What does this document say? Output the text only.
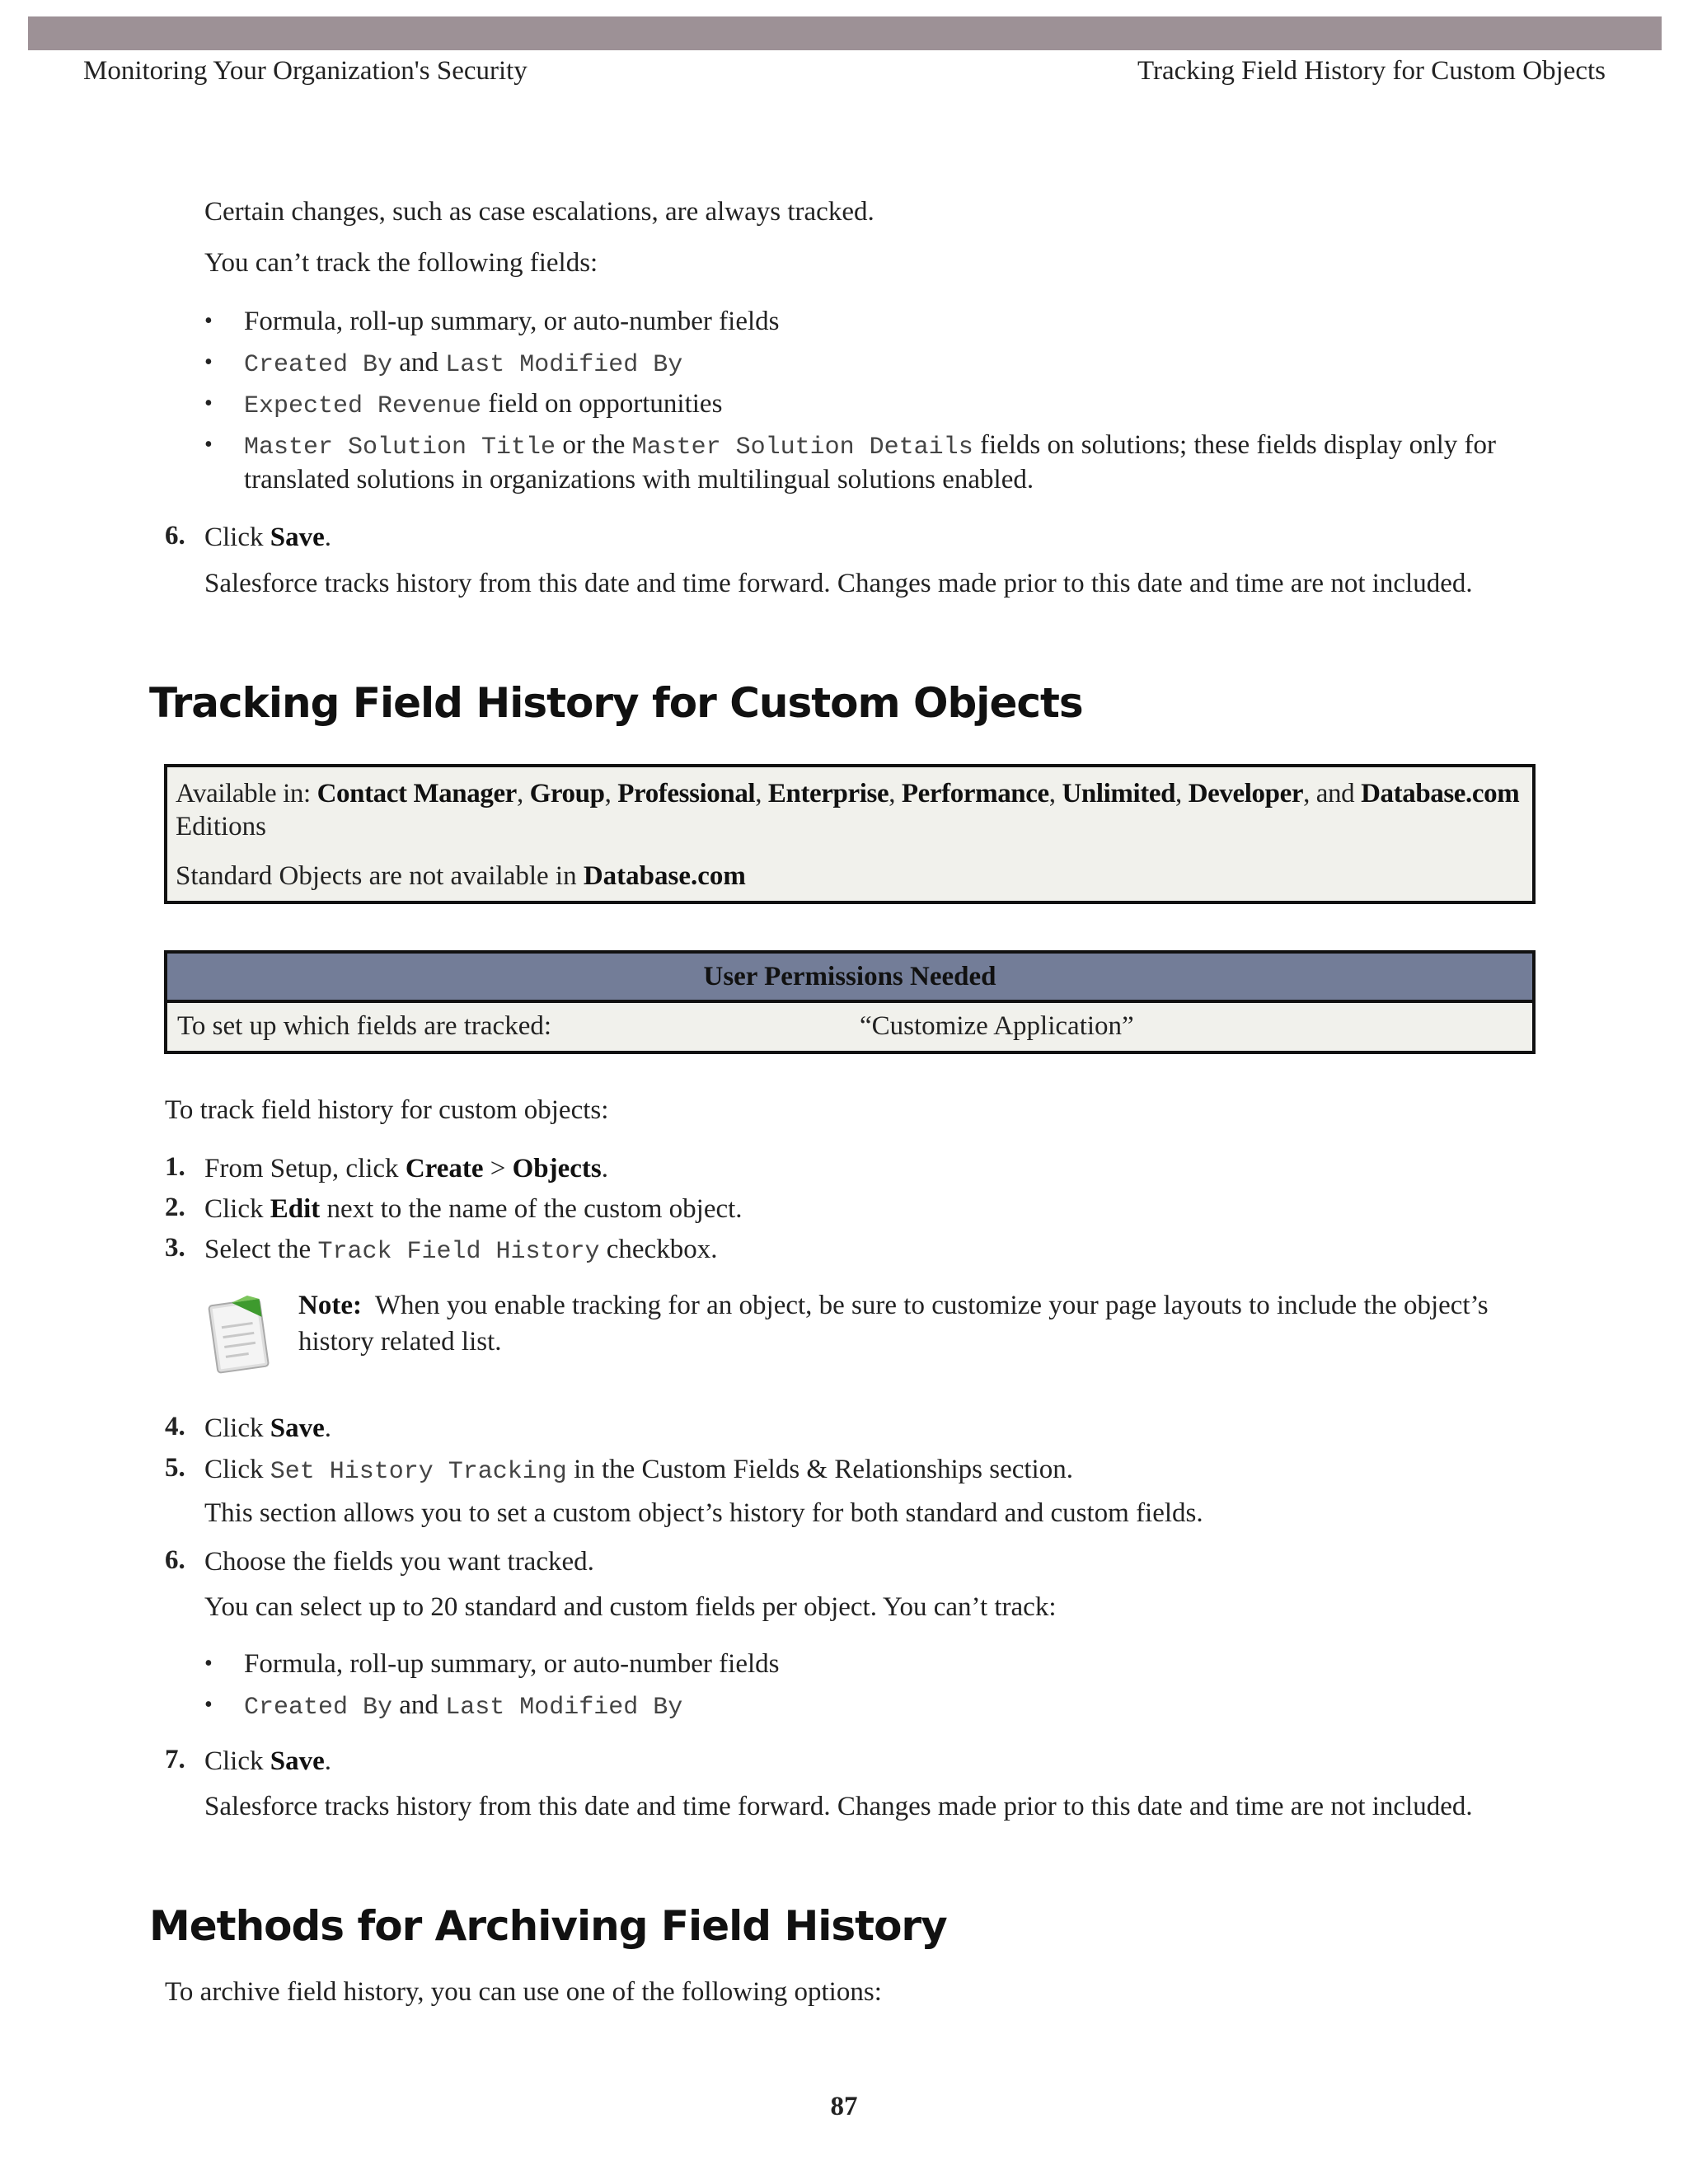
Monitoring Your Organization's Security	Tracking Field History for Custom Objects
Certain changes, such as case escalations, are always tracked.
You can’t track the following fields:
• Formula, roll-up summary, or auto-number fields
• Created By and Last Modified By
• Expected Revenue field on opportunities
• Master Solution Title or the Master Solution Details fields on solutions; these fields display only for
translated solutions in organizations with multilingual solutions enabled.
6. Click Save.
Salesforce tracks history from this date and time forward. Changes made prior to this date and time are not included.
Tracking Field History for Custom Objects
Available in: Contact Manager, Group, Professional, Enterprise, Performance, Unlimited, Developer, and Database.com
Editions
Standard Objects are not available in Database.com
User Permissions Needed
To set up which fields are tracked:	“Customize Application”
To track field history for custom objects:
1. From Setup, click Create > Objects.
2. Click Edit next to the name of the custom object.
3. Select the Track Field History checkbox.
Note: When you enable tracking for an object, be sure to customize your page layouts to include the object’s
history related list.
4. Click Save.
5. Click Set History Tracking in the Custom Fields & Relationships section.
This section allows you to set a custom object’s history for both standard and custom fields.
6. Choose the fields you want tracked.
You can select up to 20 standard and custom fields per object. You can’t track:
• Formula, roll-up summary, or auto-number fields
• Created By and Last Modified By
7. Click Save.
Salesforce tracks history from this date and time forward. Changes made prior to this date and time are not included.
Methods for Archiving Field History
To archive field history, you can use one of the following options:
87
